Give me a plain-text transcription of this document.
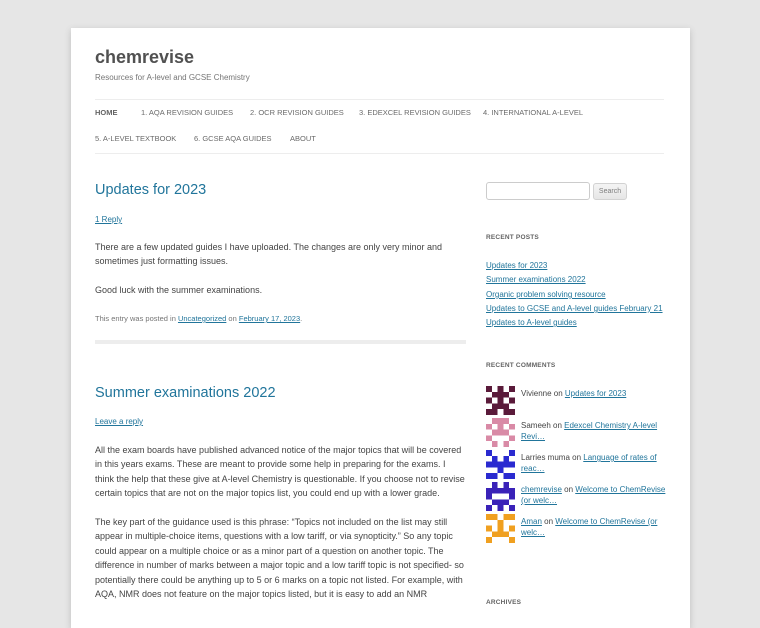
chemrevise
Resources for A-level and GCSE Chemistry
HOME	1. AQA REVISION GUIDES 2. OCR REVISION GUIDES 3. EDEXCEL REVISION GUIDES 4. INTERNATIONAL A-LEVEL
5. A-LEVEL TEXTBOOK 6. GCSE AQA GUIDES ABOUT
Updates for 2023
1 Reply
There are a few updated guides I have uploaded. The changes are only very minor and sometimes just formatting issues.
Good luck with the summer examinations.
This entry was posted in Uncategorized on February 17, 2023.
Summer examinations 2022
Leave a reply
All the exam boards have published advanced notice of the major topics that will be covered in this years exams. These are meant to provide some help in preparing for the exams. I think the help that these give at A-level Chemistry is questionable. If you choose not to revise certain topics that are not on the major topics list, you could end up with a lower grade.
The key part of the guidance used is this phrase: “Topics not included on the list may still appear in multiple-choice items, questions with a low tariff, or via synopticity.” So any topic could appear on a multiple choice or as a minor part of a question on another topic. The difference in number of marks between a major topic and a low tariff topic is not specified- so potentially there could be anything up to 5 or 6 marks on a topic not listed. For example, with AQA, NMR does not feature on the major topics listed, but it is easy to add an NMR
Search
RECENT POSTS
Updates for 2023
Summer examinations 2022
Organic problem solving resource
Updates to GCSE and A-level guides February 21
Updates to A-level guides
RECENT COMMENTS
Vivienne on Updates for 2023
Sameeh on Edexcel Chemistry A-level Revi…
Larries muma on Language of rates of reac…
chemrevise on Welcome to ChemRevise (or welc…
Aman on Welcome to ChemRevise (or welc…
ARCHIVES
